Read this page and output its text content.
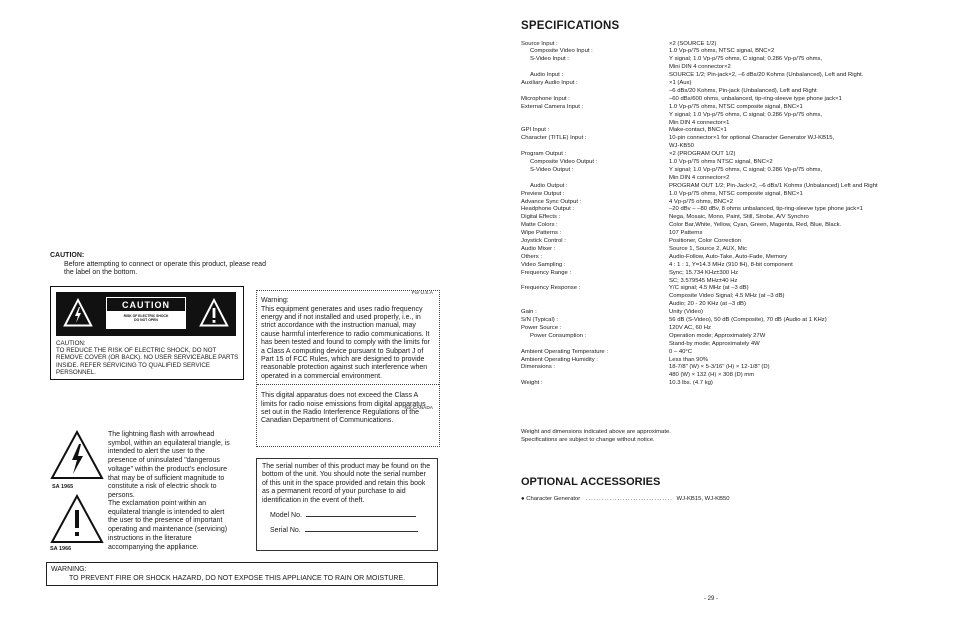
CAUTION:
Before attempting to connect or operate this product, please read the label on the bottom.
CAUTION
RISK OF ELECTRIC SHOCK
DO NOT OPEN
CAUTION:
TO REDUCE THE RISK OF ELECTRIC SHOCK, DO NOT REMOVE COVER (OR BACK). NO USER SERVICEABLE PARTS INSIDE. REFER SERVICING TO QUALIFIED SERVICE PERSONNEL.
SA 1965
The lightning flash with arrowhead symbol, within an equilateral triangle, is intended to alert the user to the presence of uninsulated "dangerous voltage" within the product's enclosure that may be of sufficient magnitude to constitute a risk of electric shock to persons.
SA 1966
The exclamation point within an equilateral triangle is intended to alert the user to the presence of important operating and maintenance (servicing) instructions in the literature accompanying the appliance.
For U.S.A
Warning:
This equipment generates and uses radio frequency energy and if not installed and used properly, i.e., in strict accordance with the instruction manual, may cause harmful interference to radio communications. It has been tested and found to comply with the limits for a Class A computing device pursuant to Subpart J of Part 15 of FCC Rules, which are designed to provide reasonable protection against such interference when operated in a commercial environment.
For CANADA
This digital apparatus does not exceed the Class A limits for radio noise emissions from digital apparatus set out in the Radio Interference Regulations of the Canadian Department of Communications.
The serial number of this product may be found on the bottom of the unit. You should note the serial number of this unit in the space provided and retain this book as a permanent record of your purchase to aid identification in the event of theft.
Model No.
Serial No.
WARNING:
TO PREVENT FIRE OR SHOCK HAZARD, DO NOT EXPOSE THIS APPLIANCE TO RAIN OR MOISTURE.
SPECIFICATIONS
Source Input :	×2 (SOURCE 1/2)
Composite Video Input :	1.0 Vp-p/75 ohms, NTSC signal, BNC×2
S-Video Input :	Y signal; 1.0 Vp-p/75 ohms, C signal; 0.286 Vp-p/75 ohms,
Mini DIN 4 connector×2
Audio Input :	SOURCE 1/2; Pin-jack×2, –6 dBs/20 Kohms (Unbalanced), Left and Right.
Auxiliary Audio Input :	×1 (Aux)
–6 dBs/20 Kohms, Pin-jack (Unbalanced), Left and Right
Microphone Input :	–60 dBs/600 ohms, unbalanced, tip-ring-sleeve type phone jack×1
External Camera Input :	1.0 Vp-p/75 ohms, NTSC composite signal, BNC×1
Y signal; 1.0 Vp-p/75 ohms, C signal; 0.286 Vp-p/75 ohms,
Min DIN 4 connector×1
GPI Input :	Make-contact, BNC×1
Character (TITLE) Input :	10-pin connector×1 for optional Character Generator WJ-KB15,
WJ-KB50
Program Output :	×2 (PROGRAM OUT 1/2)
Composite Video Output :	1.0 Vp-p/75 ohms NTSC signal, BNC×2
S-Video Output :	Y signal; 1.0 Vp-p/75 ohms, C signal; 0.286 Vp-p/75 ohms,
Min DIN 4 connector×2
Audio Output :	PROGRAM OUT 1/2; Pin-Jack×2, –6 dBs/1 Kohms (Unbalanced) Left and Right
Preview Output :	1.0 Vp-p/75 ohms, NTSC composite signal, BNC×1
Advance Sync Output :	4 Vp-p/75 ohms, BNC×2
Headphone Output :	–20 dBv – –80 dBv, 8 ohms unbalanced, tip-ring-sleeve type phone jack×1
Digital Effects :	Nega, Mosaic, Mono, Paint, Still, Strobe, A/V Synchro
Matte Colors :	Color Bar,White, Yellow, Cyan, Green, Magenta, Red, Blue, Black.
Wipe Patterns :	107 Patterns
Joystick Control :	Positioner, Color Correction
Audio Mixer :	Source 1, Source 2, AUX, Mic
Others :	Audio-Follow, Auto-Take, Auto-Fade, Memory
Video Sampling :	4 : 1 : 1, Y=14.3 MHz (910 fH), 8-bit component
Frequency Range :	Sync; 15.734 KHz±300 Hz
SC; 3.579545 MHz±40 Hz
Frequency Response :	Y/C signal; 4.5 MHz (at –3 dB)
Composite Video Signal; 4.5 MHz (at –3 dB)
Audio; 20 - 20 KHz (at –3 dB)
Gain :	Unity (Video)
S/N (Typical) :	56 dB (S-Video), 50 dB (Composite), 70 dB (Audio at 1 KHz)
Power Source :	120V AC, 60 Hz
Power Consumption :	Operation mode; Approximately 27W
Stand-by mode; Approximately 4W
Ambient Operating Temperature :	0 – 40°C
Ambient Operating Humidity :	Less than 90%
Dimensions :	18-7/8" (W) × 5-3/16" (H) × 12-1/8" (D)
480 (W) × 132 (H) × 308 (D) mm
Weight :	10.3 lbs. (4.7 kg)
Weight and dimensions indicated above are approximate.
Specifications are subject to change without notice.
OPTIONAL ACCESSORIES
● Character Generator ................................. WJ-KB15, WJ-KB50
- 29 -
